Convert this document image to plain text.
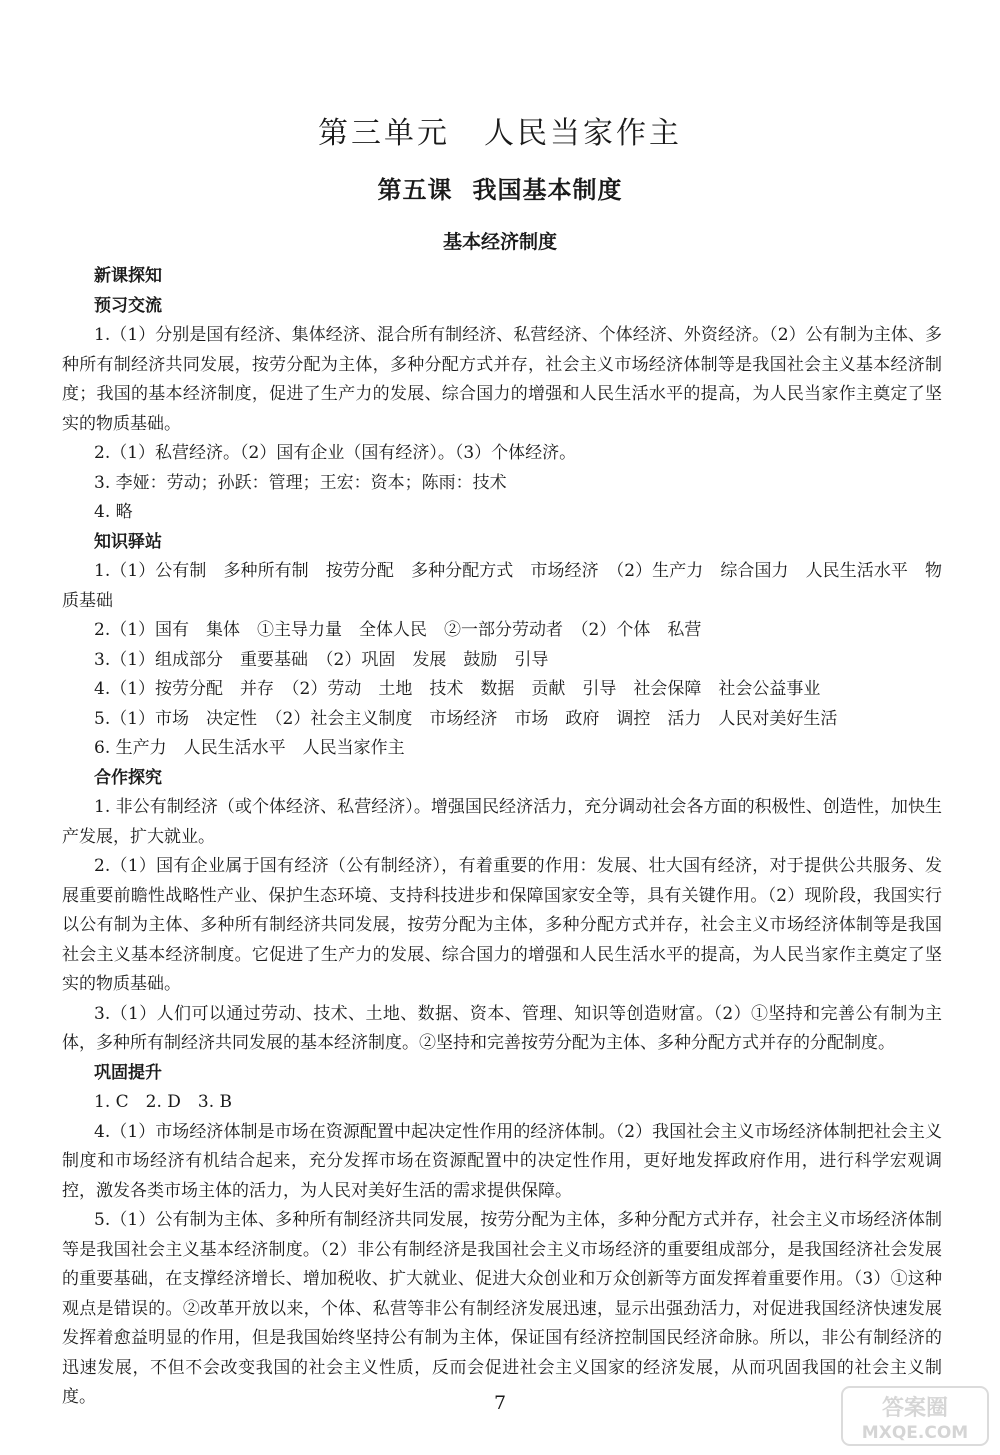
第三单元 人民当家作主
第五课 我国基本制度
基本经济制度
新课探知
预习交流

1.（1）分别是国有经济、集体经济、混合所有制经济、私营经济、个体经济、外资经济。（2）公有制为主体、多种所有制经济共同发展，按劳分配为主体，多种分配方式并存，社会主义市场经济体制等是我国社会主义基本经济制度；我国的基本经济制度，促进了生产力的发展、综合国力的增强和人民生活水平的提高，为人民当家作主奠定了坚实的物质基础。

2.（1）私营经济。（2）国有企业（国有经济）。（3）个体经济。

3. 李娅：劳动；孙跃：管理；王宏：资本；陈雨：技术

4. 略

知识驿站

1.（1）公有制　多种所有制　按劳分配　多种分配方式　市场经济　（2）生产力　综合国力　人民生活水平　物质基础

2.（1）国有　集体　①主导力量　全体人民　②一部分劳动者　（2）个体　私营

3.（1）组成部分　重要基础　（2）巩固　发展　鼓励　引导

4.（1）按劳分配　并存　（2）劳动　土地　技术　数据　贡献　引导　社会保障　社会公益事业

5.（1）市场　决定性　（2）社会主义制度　市场经济　市场　政府　调控　活力　人民对美好生活

6. 生产力　人民生活水平　人民当家作主

合作探究

1. 非公有制经济（或个体经济、私营经济）。增强国民经济活力，充分调动社会各方面的积极性、创造性，加快生产发展，扩大就业。

2.（1）国有企业属于国有经济（公有制经济），有着重要的作用：发展、壮大国有经济，对于提供公共服务、发展重要前瞻性战略性产业、保护生态环境、支持科技进步和保障国家安全等，具有关键作用。（2）现阶段，我国实行以公有制为主体、多种所有制经济共同发展，按劳分配为主体，多种分配方式并存，社会主义市场经济体制等是我国社会主义基本经济制度。它促进了生产力的发展、综合国力的增强和人民生活水平的提高，为人民当家作主奠定了坚实的物质基础。

3.（1）人们可以通过劳动、技术、土地、数据、资本、管理、知识等创造财富。（2）①坚持和完善公有制为主体，多种所有制经济共同发展的基本经济制度。②坚持和完善按劳分配为主体、多种分配方式并存的分配制度。

巩固提升

1. C　2. D　3. B

4.（1）市场经济体制是市场在资源配置中起决定性作用的经济体制。（2）我国社会主义市场经济体制把社会主义制度和市场经济有机结合起来，充分发挥市场在资源配置中的决定性作用，更好地发挥政府作用，进行科学宏观调控，激发各类市场主体的活力，为人民对美好生活的需求提供保障。

5.（1）公有制为主体、多种所有制经济共同发展，按劳分配为主体，多种分配方式并存，社会主义市场经济体制等是我国社会主义基本经济制度。（2）非公有制经济是我国社会主义市场经济的重要组成部分，是我国经济社会发展的重要基础，在支撑经济增长、增加税收、扩大就业、促进大众创业和万众创新等方面发挥着重要作用。（3）①这种观点是错误的。②改革开放以来，个体、私营等非公有制经济发展迅速，显示出强劲活力，对促进我国经济快速发展发挥着愈益明显的作用，但是我国始终坚持公有制为主体，保证国有经济控制国民经济命脉。所以，非公有制经济的迅速发展，不但不会改变我国的社会主义性质，反而会促进社会主义国家的经济发展，从而巩固我国的社会主义制度。	7	答案圈
MXQE.COM
